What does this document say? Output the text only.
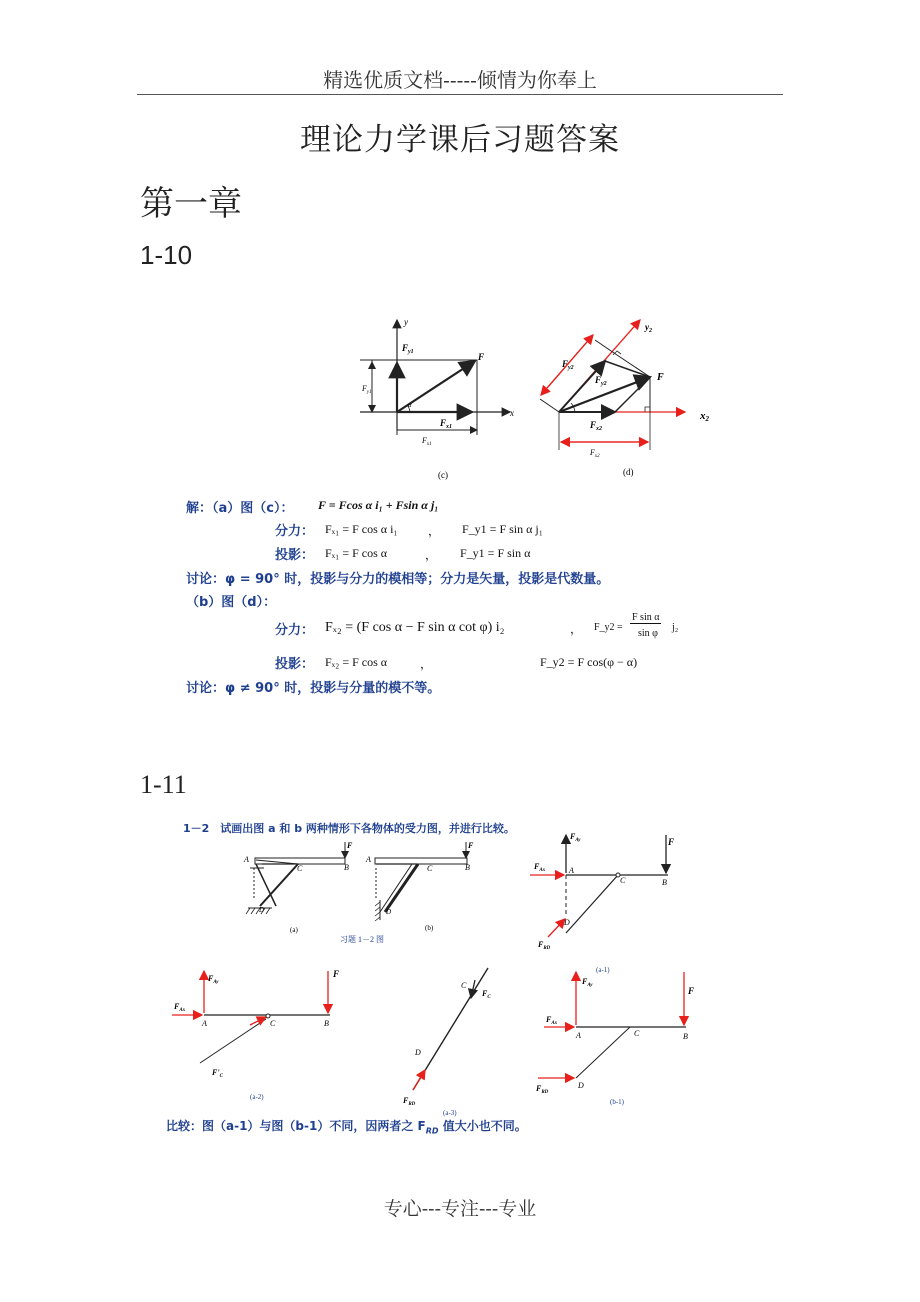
精选优质文档-----倾情为你奉上
理论力学课后习题答案
第一章
1-10
y
x
F
$F_{y1}$
$F_{y1}$
$F_{x1}$
$F_{x1}$
α
(c)
$y_2$
x2
F
$F_{y2}$
$F_{y2}$
$F_{x2}$
$F_{x2}$
(d)
解：（a）图（c）： F = Fcos α i₁ + Fsin α j₁
分力： Fₓ₁ = F cos α i₁	， F_y1 = F sin α j₁
投影： Fₓ₁ = F cos α	， F_y1 = F sin α
讨论：φ = 90° 时，投影与分力的模相等；分力是矢量，投影是代数量。
（b）图（d）：
分力： Fₓ₂ = (F cos α − F sin α cot φ) i₂	， F_y2 =
F sin α
sin φ
j₂
投影： Fₓ₂ = F cos α	，	F_y2 = F cos(φ − α)
讨论：φ ≠ 90° 时，投影与分量的模不等。
1-11
1－2　试画出图 a 和 b 两种情形下各物体的受力图，并进行比较。
A
B
C
D
F
(a)
A
B
C
D
F
(b)
习题 1－2 图
$F_{Ay}$
$F_{Ax}$	A
C	B
F
D
$F_{RD}$
$F_{Ay}$
$F_{Ax}$
A	C	B
F
$F'_C$
(a-2)
C
$F_C$
D
$F_{RD}$
(a-3)
(a-1)
$F_{Ay}$
$F_{Ax}$
A	C	B
F
D
$F_{RD}$
(b-1)
比较：图（a-1）与图（b-1）不同，因两者之 $F_{RD}$ 值大小也不同。
专心---专注---专业
